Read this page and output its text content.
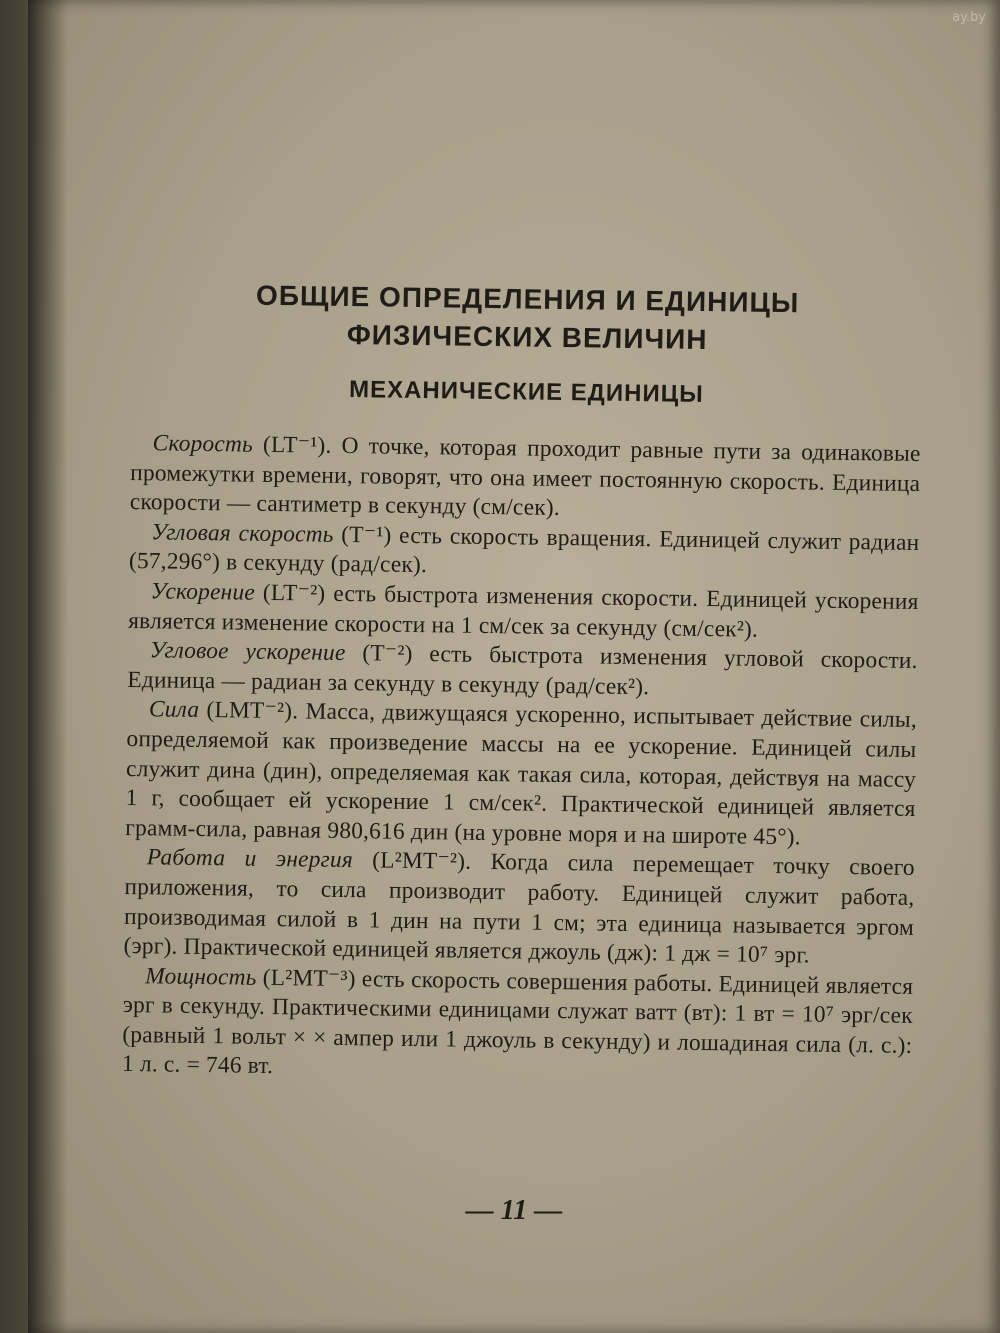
ОБЩИЕ ОПРЕДЕЛЕНИЯ И ЕДИНИЦЫ
ФИЗИЧЕСКИХ ВЕЛИЧИН
МЕХАНИЧЕСКИЕ ЕДИНИЦЫ

Скорость (LT⁻¹). О точке, которая проходит равные пути за одинаковые промежутки времени, говорят, что она имеет постоянную скорость. Единица скорости — сантиметр в секунду (см/сек).

Угловая скорость (T⁻¹) есть скорость вращения. Единицей служит радиан (57,296°) в секунду (рад/сек).

Ускорение (LT⁻²) есть быстрота изменения скорости. Единицей ускорения является изменение скорости на 1 см/сек за секунду (см/сек²).

Угловое ускорение (T⁻²) есть быстрота изменения угловой скорости. Единица — радиан за секунду в секунду (рад/сек²).

Сила (LMT⁻²). Масса, движущаяся ускоренно, испытывает действие силы, определяемой как произведение массы на ее ускорение. Единицей силы служит дина (дин), определяемая как такая сила, которая, действуя на массу 1 г, сообщает ей ускорение 1 см/сек². Практической единицей является грамм-сила, равная 980,616 дин (на уровне моря и на широте 45°).

Работа и энергия (L²MT⁻²). Когда сила перемещает точку своего приложения, то сила производит работу. Единицей служит работа, производимая силой в 1 дин на пути 1 см; эта единица называется эргом (эрг). Практической единицей является джоуль (дж): 1 дж = 10⁷ эрг.

Мощность (L²MT⁻³) есть скорость совершения работы. Единицей является эрг в секунду. Практическими единицами служат ватт (вт): 1 вт = 10⁷ эрг/сек (равный 1 вольт × × ампер или 1 джоуль в секунду) и лошадиная сила (л. с.): 1 л. с. = 746 вт.

— 11 —
ay.by
